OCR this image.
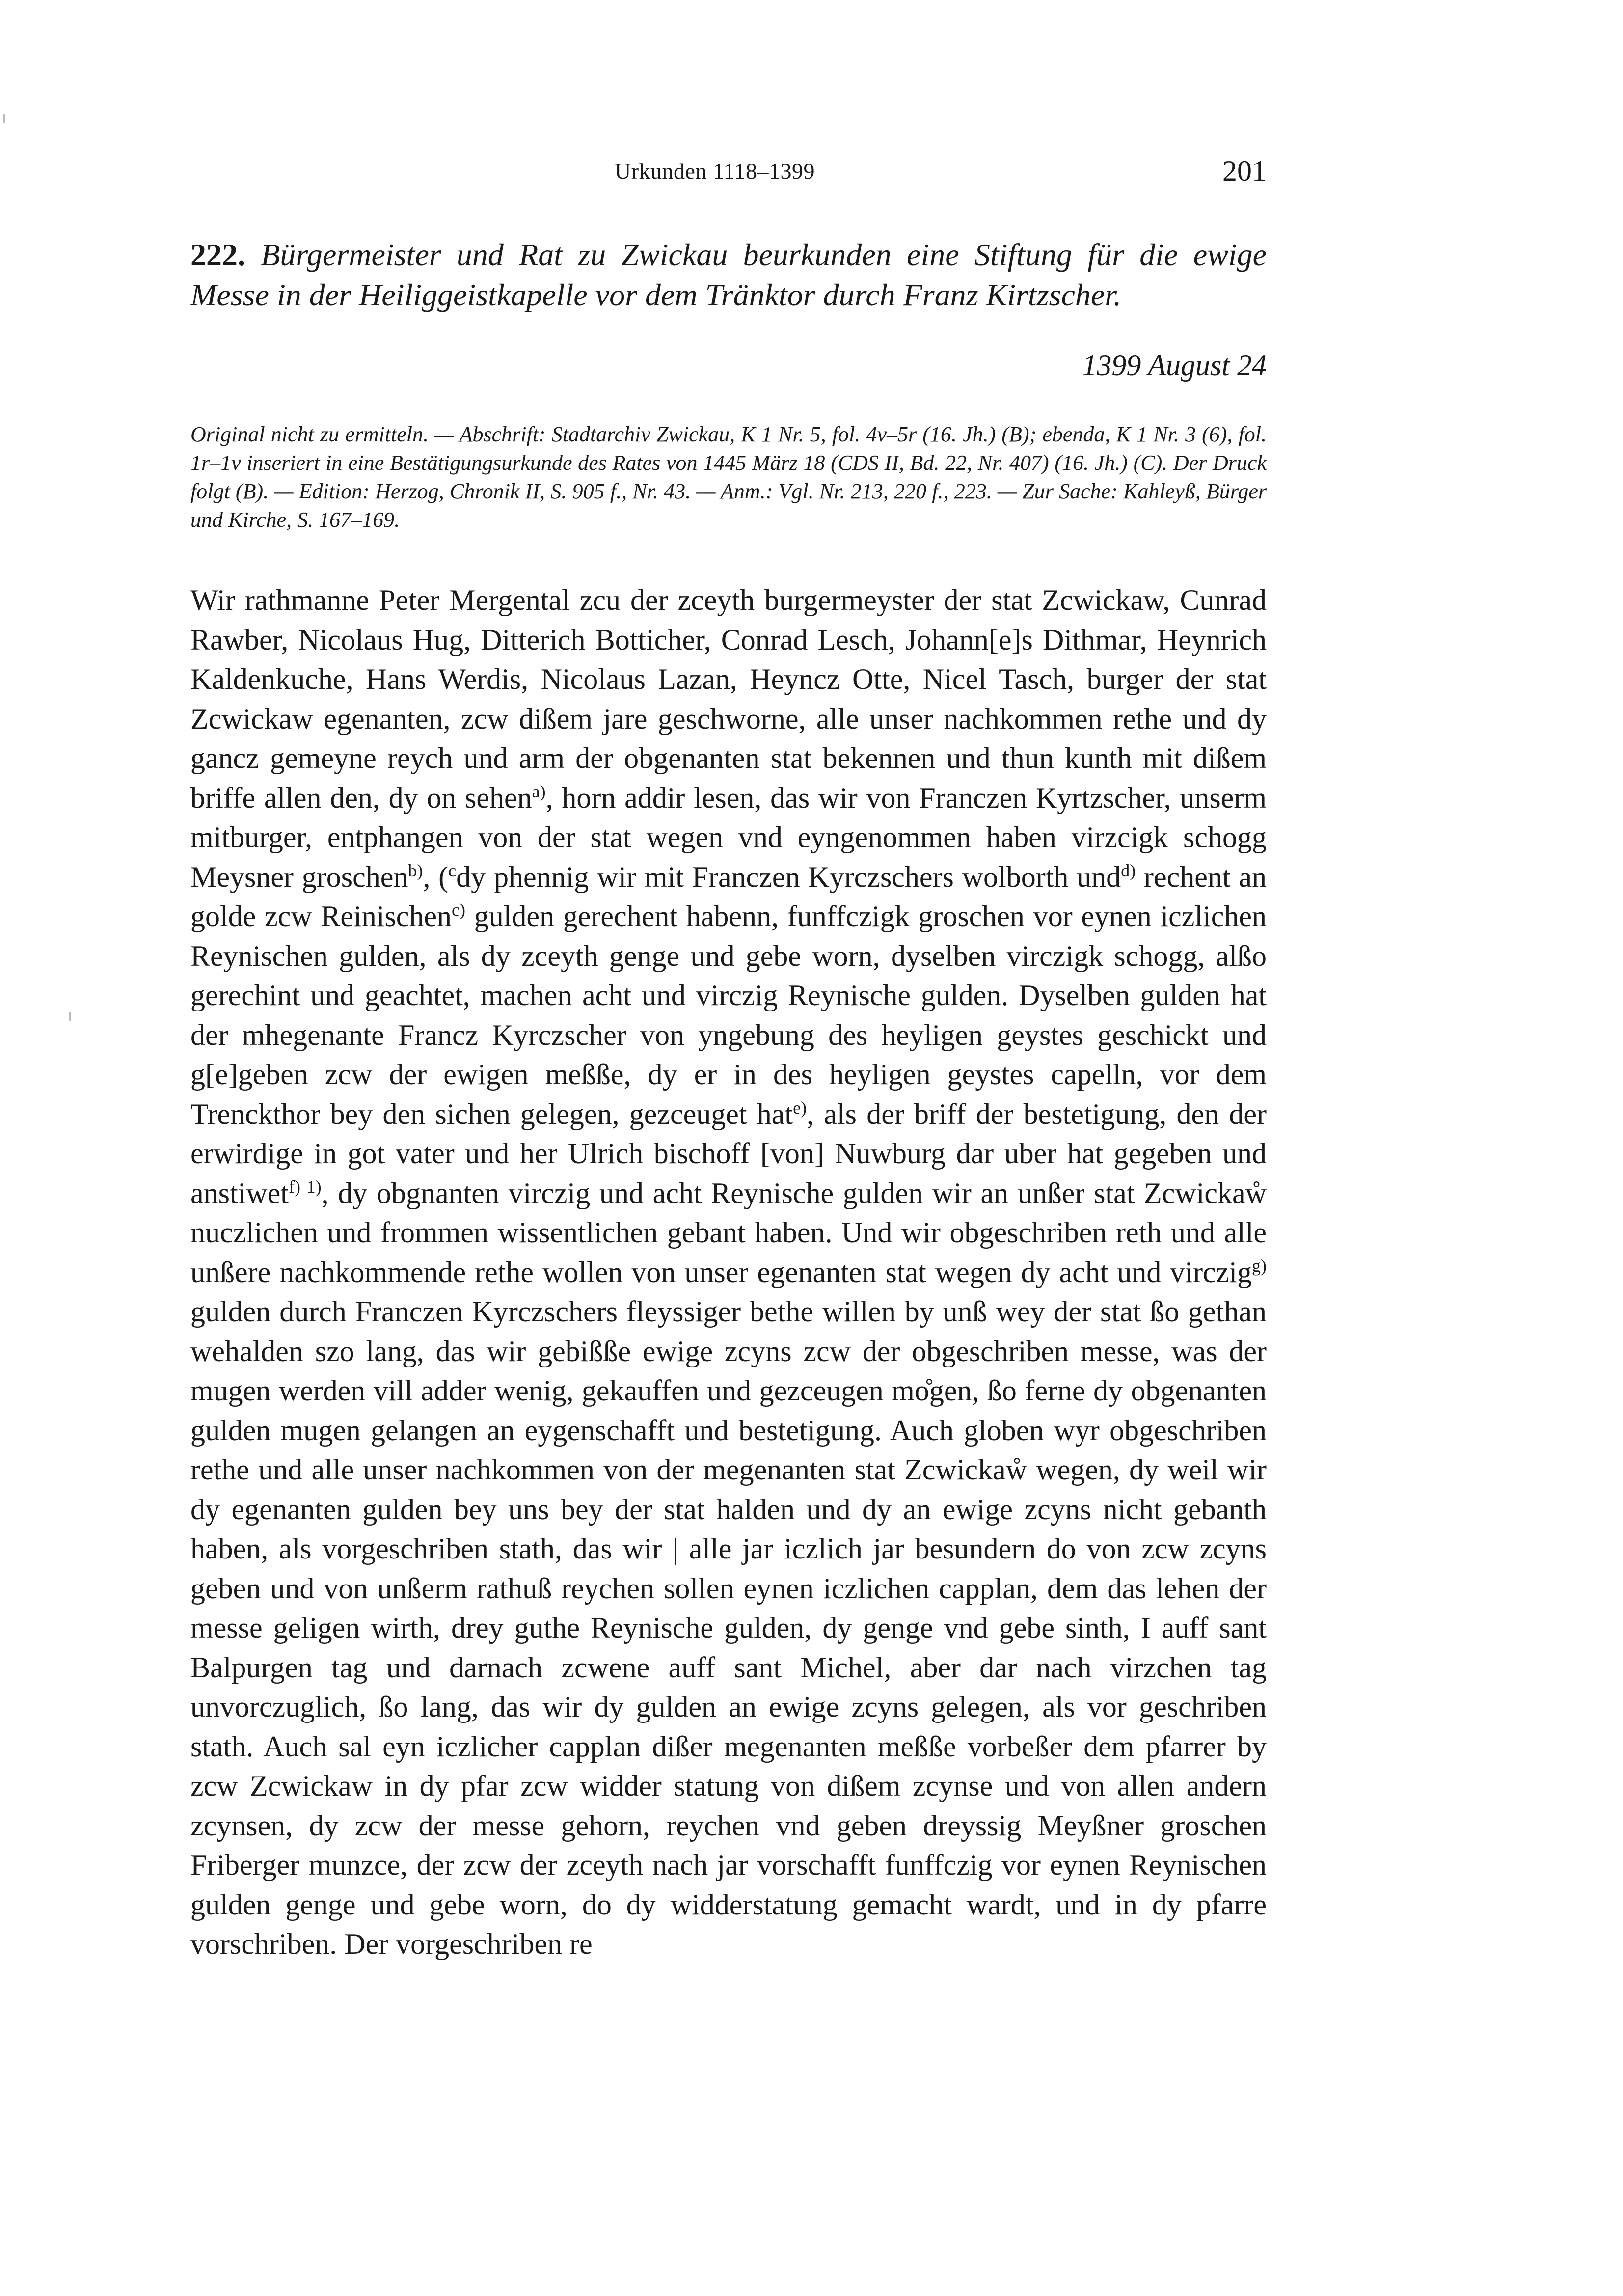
Urkunden 1118–1399	201
222. Bürgermeister und Rat zu Zwickau beurkunden eine Stiftung für die ewige Messe in der Heiliggeistkapelle vor dem Tränktor durch Franz Kirtzscher.
1399 August 24
Original nicht zu ermitteln. — Abschrift: Stadtarchiv Zwickau, K 1 Nr. 5, fol. 4v–5r (16. Jh.) (B); ebenda, K 1 Nr. 3 (6), fol. 1r–1v inseriert in eine Bestätigungsurkunde des Rates von 1445 März 18 (CDS II, Bd. 22, Nr. 407) (16. Jh.) (C). Der Druck folgt (B). — Edition: Herzog, Chronik II, S. 905 f., Nr. 43. — Anm.: Vgl. Nr. 213, 220 f., 223. — Zur Sache: Kahleyß, Bürger und Kirche, S. 167–169.
Wir rathmanne Peter Mergental zcu der zceyth burgermeyster der stat Zcwickaw, Cunrad Rawber, Nicolaus Hug, Ditterich Botticher, Conrad Lesch, Johann[e]s Dithmar, Heynrich Kaldenkuche, Hans Werdis, Nicolaus Lazan, Heyncz Otte, Nicel Tasch, burger der stat Zcwickaw egenanten, zcw dißem jare geschworne, alle unser nachkommen rethe und dy gancz gemeyne reych und arm der obgenanten stat bekennen und thun kunth mit dißem briffe allen den, dy on sehen$^{a)}$, horn addir lesen, das wir von Franczen Kyrtzscher, unserm mitburger, entphangen von der stat wegen vnd eyngenommen haben virzcigk schogg Meysner groschen$^{b)}$, ($^c$dy phennig wir mit Franczen Kyrczschers wolborth und$^{d)}$ rechent an golde zcw Reinischen$^{c)}$ gulden gerechent habenn, funffczigk groschen vor eynen iczlichen Reynischen gulden, als dy zceyth genge und gebe worn, dyselben virczigk schogg, alßo gerechint und geachtet, machen acht und virczig Reynische gulden. Dyselben gulden hat der mhegenante Francz Kyrczscher von yngebung des heyligen geystes geschickt und g[e]geben zcw der ewigen meßße, dy er in des heyligen geystes capelln, vor dem Trenckthor bey den sichen gelegen, gezceuget hat$^{e)}$, als der briff der bestetigung, den der erwirdige in got vater und her Ulrich bischoff [von] Nuwburg dar uber hat gegeben und anstiwet$^{f) 1)}$, dy obgnanten virczig und acht Reynische gulden wir an unßer stat Zcwickaẘ nuczlichen und frommen wissentlichen gebant haben. Und wir obgeschriben reth und alle unßere nachkommende rethe wollen von unser egenanten stat wegen dy acht und virczig$^{g)}$ gulden durch Franczen Kyrczschers fleyssiger bethe willen by unß wey der stat ßo gethan wehalden szo lang, das wir gebißße ewige zcyns zcw der obgeschriben messe, was der mugen werden vill adder wenig, gekauffen und gezceugen mo̊gen, ßo ferne dy obgenanten gulden mugen gelangen an eygenschafft und bestetigung. Auch globen wyr obgeschriben rethe und alle unser nachkommen von der megenanten stat Zcwickaẘ wegen, dy weil wir dy egenanten gulden bey uns bey der stat halden und dy an ewige zcyns nicht gebanth haben, als vorgeschriben stath, das wir | alle jar iczlich jar besundern do von zcw zcyns geben und von unßerm rathuß reychen sollen eynen iczlichen capplan, dem das lehen der messe geligen wirth, drey guthe Reynische gulden, dy genge vnd gebe sinth, I auff sant Balpurgen tag und darnach zcwene auff sant Michel, aber dar nach virzchen tag unvorczuglich, ßo lang, das wir dy gulden an ewige zcyns gelegen, als vor geschriben stath. Auch sal eyn iczlicher capplan dißer megenanten meßße vorbeßer dem pfarrer by zcw Zcwickaw in dy pfar zcw widder statung von dißem zcynse und von allen andern zcynsen, dy zcw der messe gehorn, reychen vnd geben dreyssig Meyßner groschen Friberger munzce, der zcw der zceyth nach jar vorschafft funffczig vor eynen Reynischen gulden genge und gebe worn, do dy widderstatung gemacht wardt, und in dy pfarre vorschriben. Der vorgeschriben re
